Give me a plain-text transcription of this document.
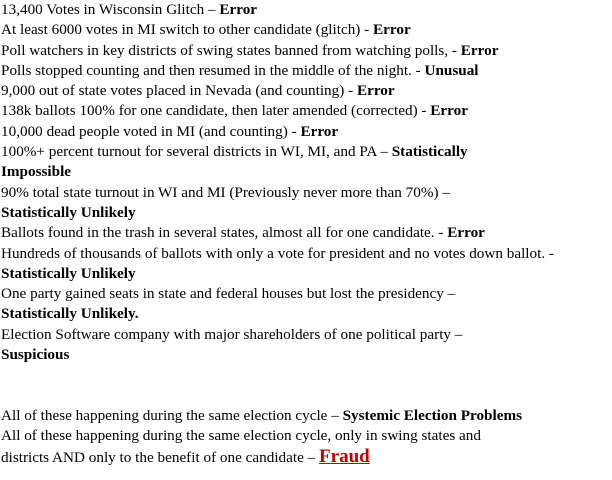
13,400 Votes in Wisconsin Glitch – Error
At least 6000 votes in MI switch to other candidate (glitch) - Error
Poll watchers in key districts of swing states banned from watching polls, - Error
Polls stopped counting and then resumed in the middle of the night. - Unusual
9,000 out of state votes placed in Nevada (and counting) - Error
138k ballots 100% for one candidate, then later amended (corrected) - Error
10,000 dead people voted in MI (and counting) - Error
100%+ percent turnout for several districts in WI, MI, and PA – Statistically
Impossible
90% total state turnout in WI and MI (Previously never more than 70%) –
Statistically Unlikely
Ballots found in the trash in several states, almost all for one candidate. - Error
Hundreds of thousands of ballots with only a vote for president and no votes down ballot. - Statistically Unlikely
One party gained seats in state and federal houses but lost the presidency –
Statistically Unlikely.
Election Software company with major shareholders of one political party –
Suspicious
All of these happening during the same election cycle – Systemic Election Problems
All of these happening during the same election cycle, only in swing states and
districts AND only to the benefit of one candidate – Fraud
